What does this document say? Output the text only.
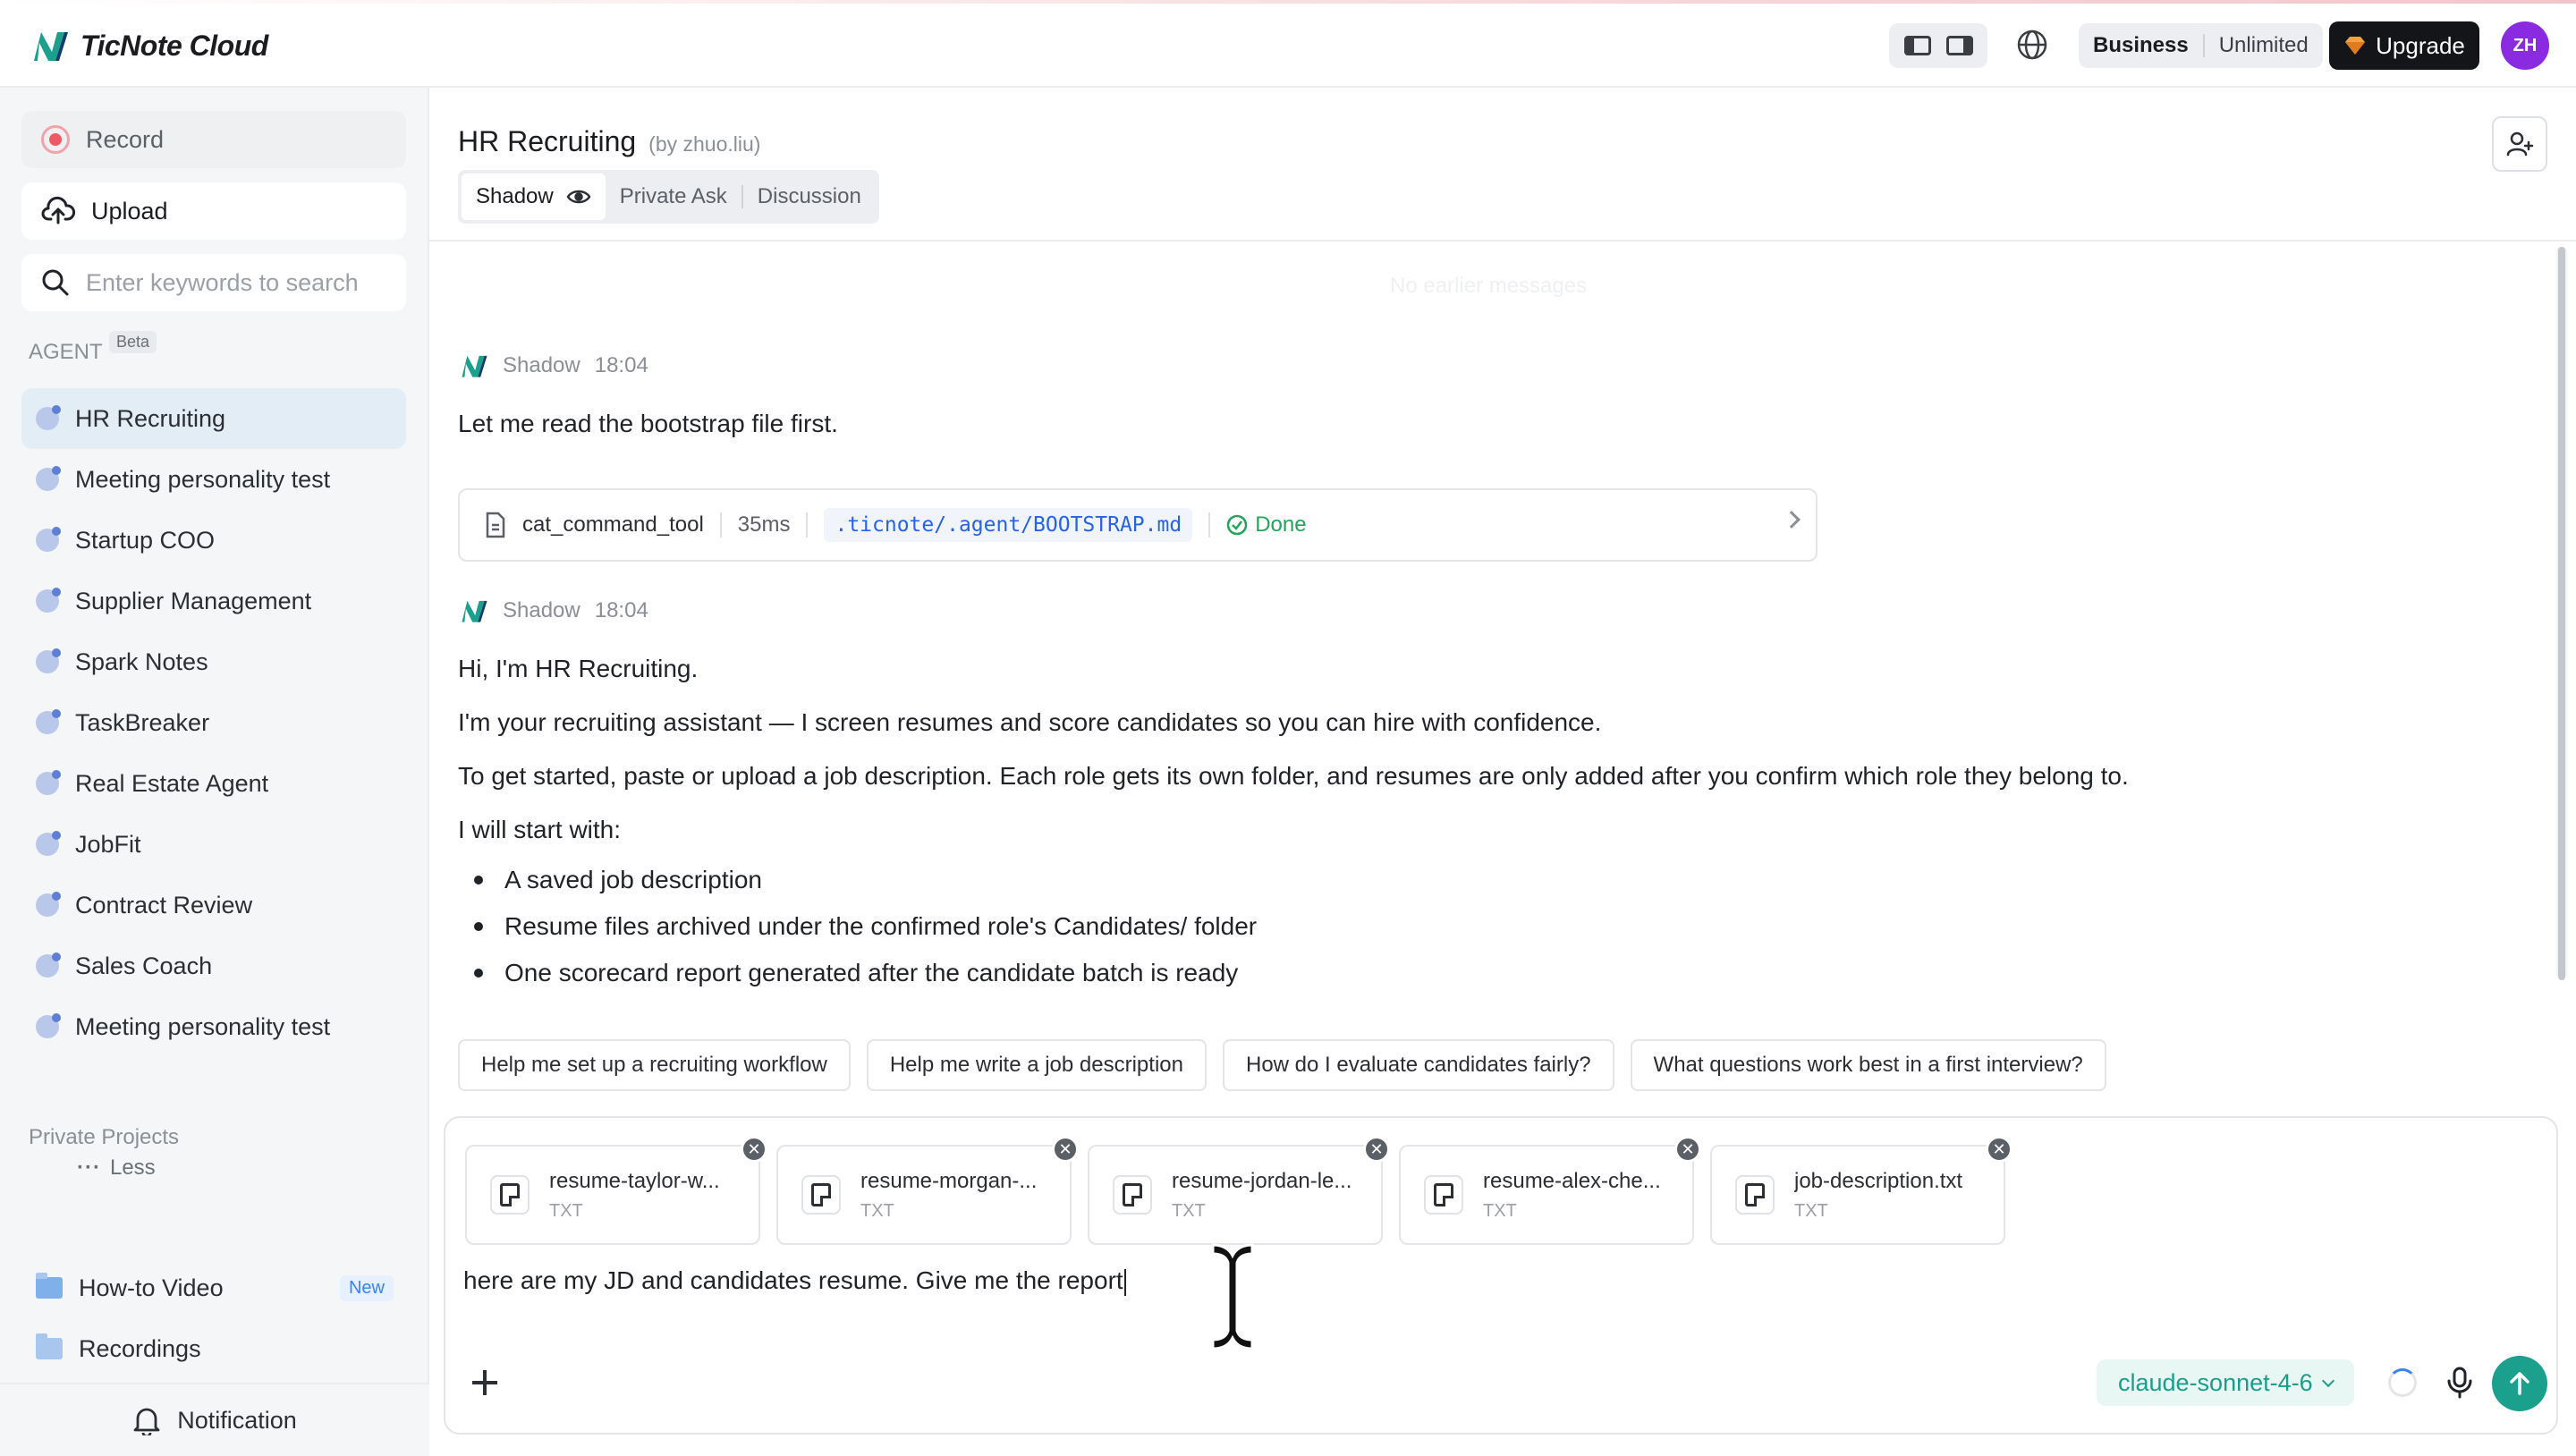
TicNote Cloud	Business Unlimited	Upgrade	ZH
Record
Upload
Enter keywords to search
AGENT Beta
HR Recruiting
Meeting personality test
Startup COO
Supplier Management
Spark Notes
TaskBreaker
Real Estate Agent
JobFit
Contract Review
Sales Coach
Meeting personality test
··· Less
Private Projects
How-to Video	New
Recordings
Notification
HR Recruiting (by zhuo.liu)
Shadow	Private Ask Discussion
No earlier messages
Shadow 18:04
Let me read the bootstrap file first.
cat_command_tool 35ms	.ticnote/.agent/BOOTSTRAP.md	Done
Shadow 18:04
Hi, I'm HR Recruiting.
I'm your recruiting assistant — I screen resumes and score candidates so you can hire with confidence.
To get started, paste or upload a job description. Each role gets its own folder, and resumes are only added after you confirm which role they belong to.
I will start with:
A saved job description
Resume files archived under the confirmed role's Candidates/ folder
One scorecard report generated after the candidate batch is ready
Help me set up a recruiting workflow	Help me write a job description	How do I evaluate candidates fairly?	What questions work best in a first interview?
resume-taylor-w...
TXT
✕
resume-morgan-...
TXT
✕
resume-jordan-le...
TXT
✕
resume-alex-che...
TXT
✕
job-description.txt
TXT
✕
here are my JD and candidates resume. Give me the report
claude-sonnet-4-6
